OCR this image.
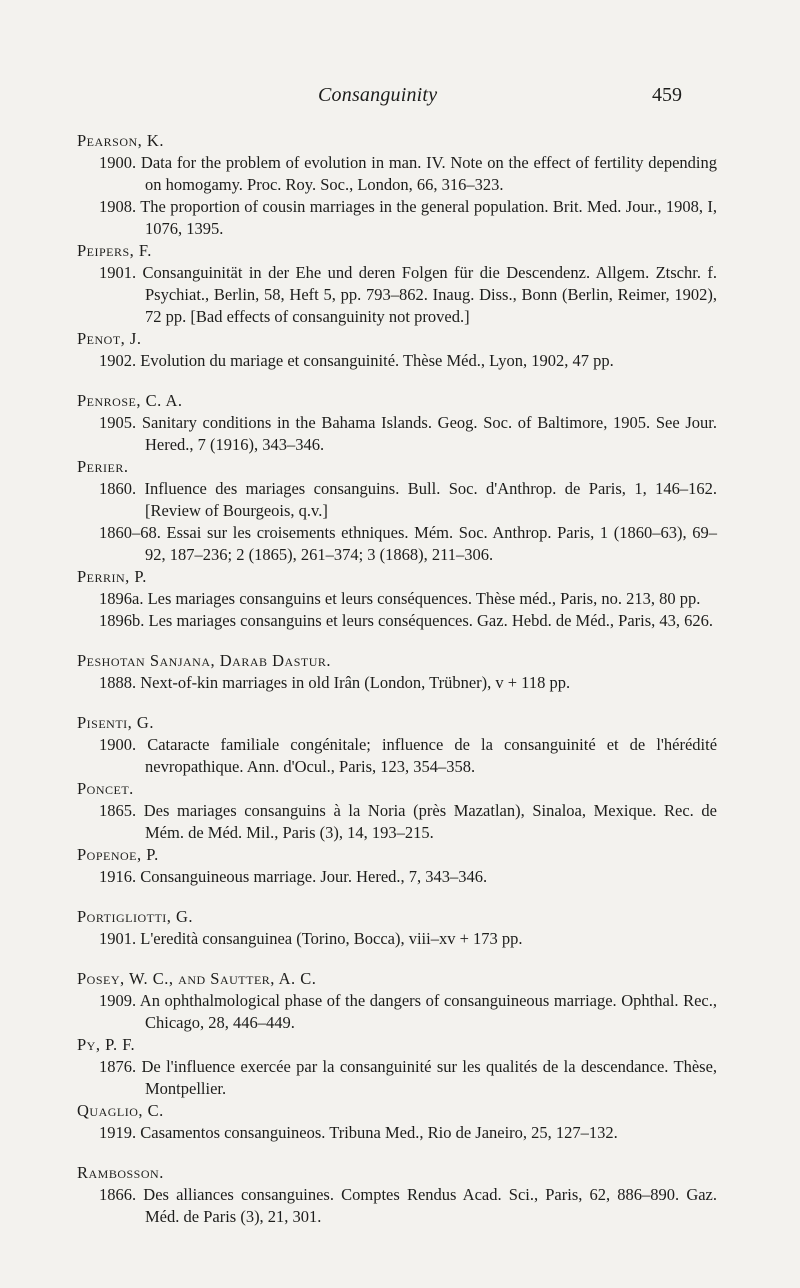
Consanguinity	459

Pearson, K.

1900. Data for the problem of evolution in man. IV. Note on the effect of fertility depending on homogamy. Proc. Roy. Soc., London, 66, 316–323.

1908. The proportion of cousin marriages in the general population. Brit. Med. Jour., 1908, I, 1076, 1395.

Peipers, F.

1901. Consanguinität in der Ehe und deren Folgen für die Descendenz. Allgem. Ztschr. f. Psychiat., Berlin, 58, Heft 5, pp. 793–862. Inaug. Diss., Bonn (Berlin, Reimer, 1902), 72 pp. [Bad effects of consanguinity not proved.]

Penot, J.

1902. Evolution du mariage et consanguinité. Thèse Méd., Lyon, 1902, 47 pp.

Penrose, C. A.

1905. Sanitary conditions in the Bahama Islands. Geog. Soc. of Baltimore, 1905. See Jour. Hered., 7 (1916), 343–346.

Perier.

1860. Influence des mariages consanguins. Bull. Soc. d'Anthrop. de Paris, 1, 146–162. [Review of Bourgeois, q.v.]

1860–68. Essai sur les croisements ethniques. Mém. Soc. Anthrop. Paris, 1 (1860–63), 69–92, 187–236; 2 (1865), 261–374; 3 (1868), 211–306.

Perrin, P.

1896a. Les mariages consanguins et leurs conséquences. Thèse méd., Paris, no. 213, 80 pp.

1896b. Les mariages consanguins et leurs conséquences. Gaz. Hebd. de Méd., Paris, 43, 626.

Peshotan Sanjana, Darab Dastur.

1888. Next-of-kin marriages in old Irân (London, Trübner), v + 118 pp.

Pisenti, G.

1900. Cataracte familiale congénitale; influence de la consanguinité et de l'hérédité nevropathique. Ann. d'Ocul., Paris, 123, 354–358.

Poncet.

1865. Des mariages consanguins à la Noria (près Mazatlan), Sinaloa, Mexique. Rec. de Mém. de Méd. Mil., Paris (3), 14, 193–215.

Popenoe, P.

1916. Consanguineous marriage. Jour. Hered., 7, 343–346.

Portigliotti, G.

1901. L'eredità consanguinea (Torino, Bocca), viii–xv + 173 pp.

Posey, W. C., and Sautter, A. C.

1909. An ophthalmological phase of the dangers of consanguineous marriage. Ophthal. Rec., Chicago, 28, 446–449.

Py, P. F.

1876. De l'influence exercée par la consanguinité sur les qualités de la descendance. Thèse, Montpellier.

Quaglio, C.

1919. Casamentos consanguineos. Tribuna Med., Rio de Janeiro, 25, 127–132.

Rambosson.

1866. Des alliances consanguines. Comptes Rendus Acad. Sci., Paris, 62, 886–890. Gaz. Méd. de Paris (3), 21, 301.
